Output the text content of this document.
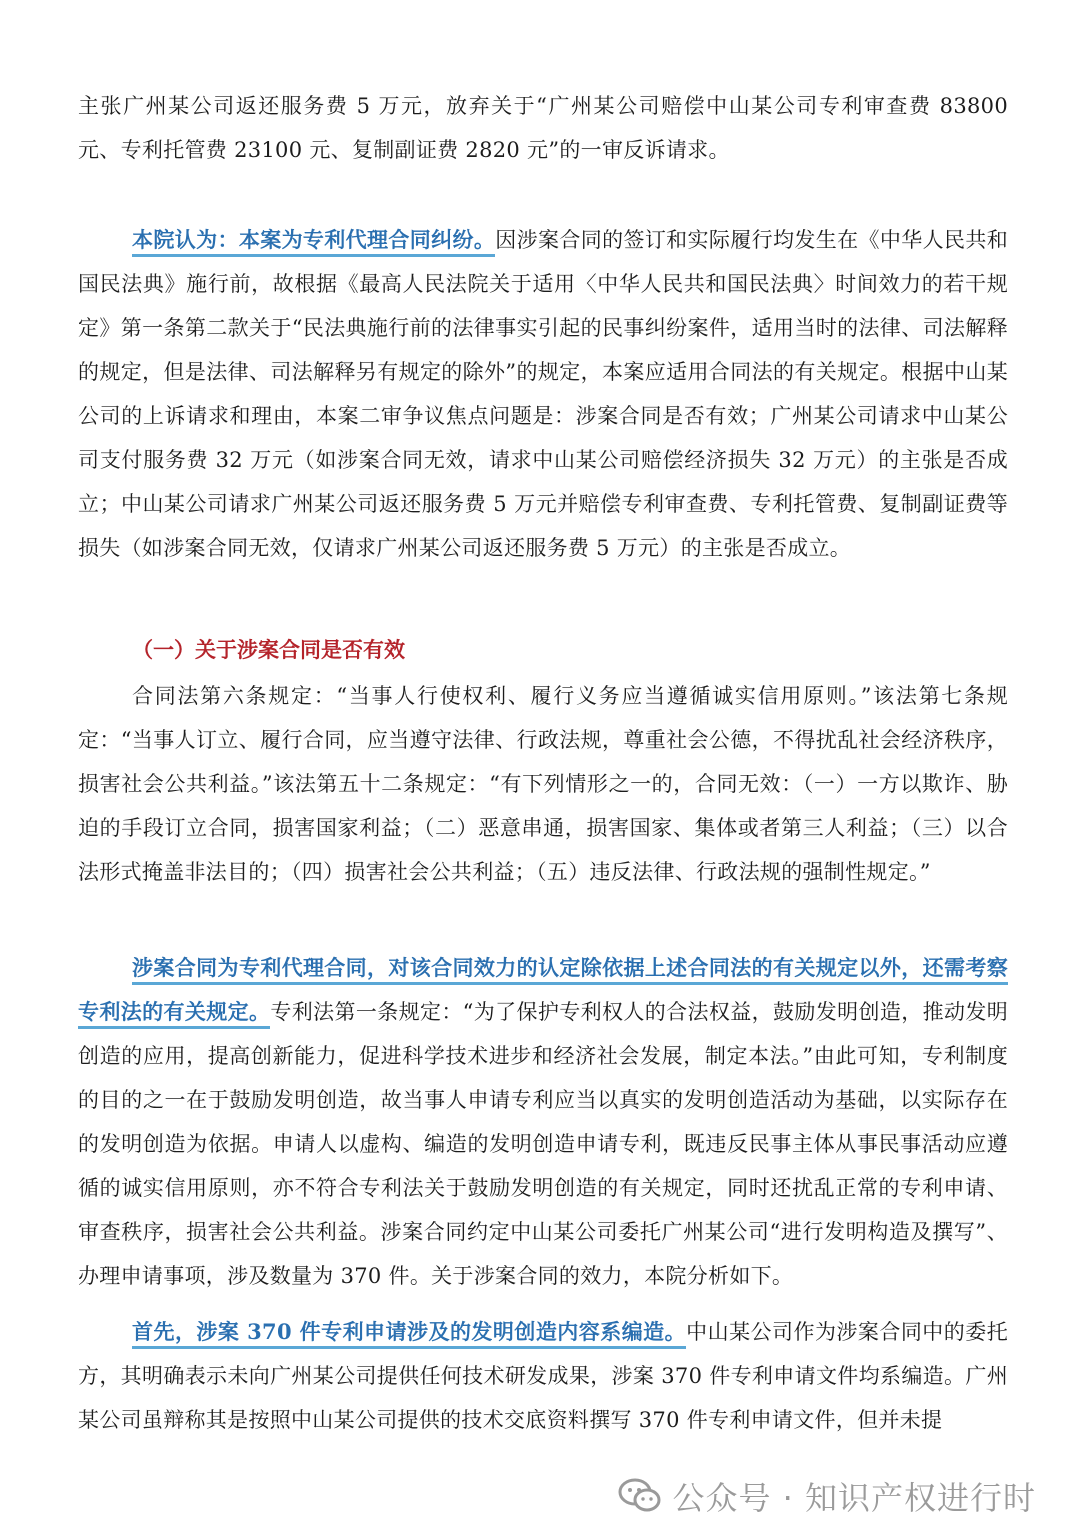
主张广州某公司返还服务费 5 万元，放弃关于“广州某公司赔偿中山某公司专利审查费 83800 元、专利托管费 23100 元、复制副证费 2820 元”的一审反诉请求。

本院认为：本案为专利代理合同纠纷。因涉案合同的签订和实际履行均发生在《中华人民共和国民法典》施行前，故根据《最高人民法院关于适用〈中华人民共和国民法典〉时间效力的若干规定》第一条第二款关于“民法典施行前的法律事实引起的民事纠纷案件，适用当时的法律、司法解释的规定，但是法律、司法解释另有规定的除外”的规定，本案应适用合同法的有关规定。根据中山某公司的上诉请求和理由，本案二审争议焦点问题是：涉案合同是否有效；广州某公司请求中山某公司支付服务费 32 万元（如涉案合同无效，请求中山某公司赔偿经济损失 32 万元）的主张是否成立；中山某公司请求广州某公司返还服务费 5 万元并赔偿专利审查费、专利托管费、复制副证费等损失（如涉案合同无效，仅请求广州某公司返还服务费 5 万元）的主张是否成立。

（一）关于涉案合同是否有效

合同法第六条规定：“当事人行使权利、履行义务应当遵循诚实信用原则。”该法第七条规定：“当事人订立、履行合同，应当遵守法律、行政法规，尊重社会公德，不得扰乱社会经济秩序，损害社会公共利益。”该法第五十二条规定：“有下列情形之一的，合同无效：（一）一方以欺诈、胁迫的手段订立合同，损害国家利益；（二）恶意串通，损害国家、集体或者第三人利益；（三）以合法形式掩盖非法目的；（四）损害社会公共利益；（五）违反法律、行政法规的强制性规定。”

涉案合同为专利代理合同，对该合同效力的认定除依据上述合同法的有关规定以外，还需考察专利法的有关规定。专利法第一条规定：“为了保护专利权人的合法权益，鼓励发明创造，推动发明创造的应用，提高创新能力，促进科学技术进步和经济社会发展，制定本法。”由此可知，专利制度的目的之一在于鼓励发明创造，故当事人申请专利应当以真实的发明创造活动为基础，以实际存在的发明创造为依据。申请人以虚构、编造的发明创造申请专利，既违反民事主体从事民事活动应遵循的诚实信用原则，亦不符合专利法关于鼓励发明创造的有关规定，同时还扰乱正常的专利申请、审查秩序，损害社会公共利益。涉案合同约定中山某公司委托广州某公司“进行发明构造及撰写”、办理申请事项，涉及数量为 370 件。关于涉案合同的效力，本院分析如下。

首先，涉案 370 件专利申请涉及的发明创造内容系编造。中山某公司作为涉案合同中的委托方，其明确表示未向广州某公司提供任何技术研发成果，涉案 370 件专利申请文件均系编造。广州某公司虽辩称其是按照中山某公司提供的技术交底资料撰写 370 件专利申请文件，但并未提

公众号 · 知识产权进行时
